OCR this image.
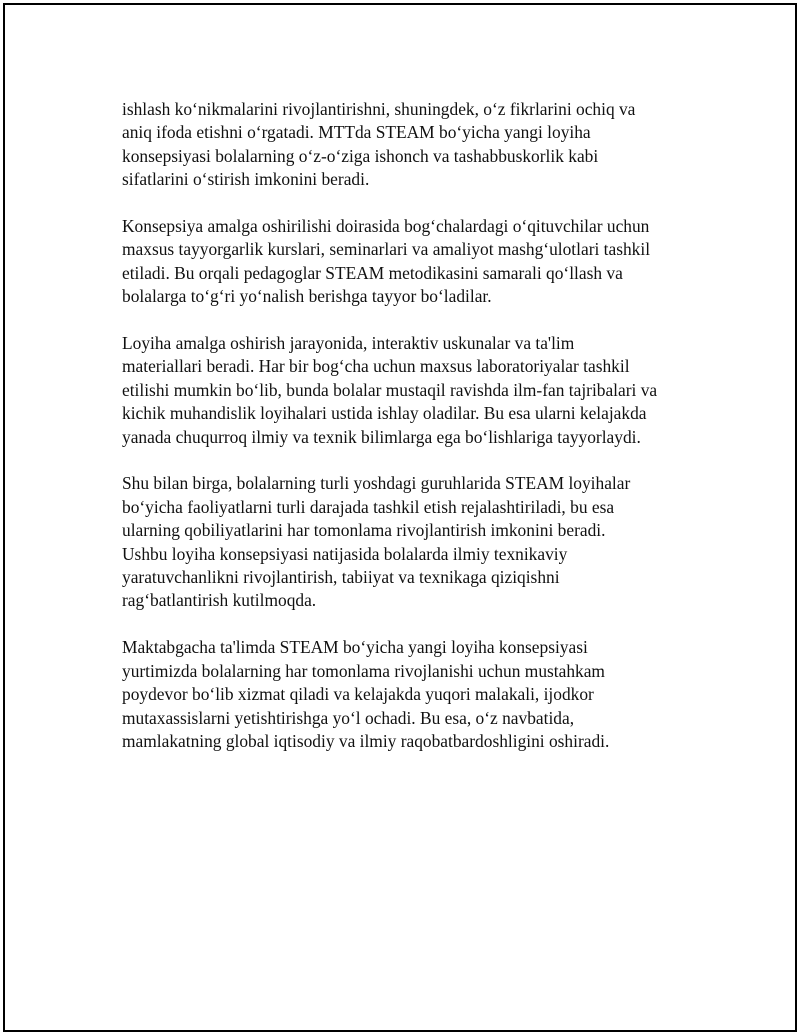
ishlash ko‘nikmalarini rivojlantirishni, shuningdek, o‘z fikrlarini ochiq va
aniq ifoda etishni o‘rgatadi. MTTda STEAM bo‘yicha yangi loyiha
konsepsiyasi bolalarning o‘z-o‘ziga ishonch va tashabbuskorlik kabi
sifatlarini o‘stirish imkonini beradi.

Konsepsiya amalga oshirilishi doirasida bog‘chalardagi o‘qituvchilar uchun
maxsus tayyorgarlik kurslari, seminarlari va amaliyot mashg‘ulotlari tashkil
etiladi. Bu orqali pedagoglar STEAM metodikasini samarali qo‘llash va
bolalarga to‘g‘ri yo‘nalish berishga tayyor bo‘ladilar.

Loyiha amalga oshirish jarayonida, interaktiv uskunalar va ta'lim
materiallari beradi. Har bir bog‘cha uchun maxsus laboratoriyalar tashkil
etilishi mumkin bo‘lib, bunda bolalar mustaqil ravishda ilm-fan tajribalari va
kichik muhandislik loyihalari ustida ishlay oladilar. Bu esa ularni kelajakda
yanada chuqurroq ilmiy va texnik bilimlarga ega bo‘lishlariga tayyorlaydi.

Shu bilan birga, bolalarning turli yoshdagi guruhlarida STEAM loyihalar
bo‘yicha faoliyatlarni turli darajada tashkil etish rejalashtiriladi, bu esa
ularning qobiliyatlarini har tomonlama rivojlantirish imkonini beradi.
Ushbu loyiha konsepsiyasi natijasida bolalarda ilmiy texnikaviy
yaratuvchanlikni rivojlantirish, tabiiyat va texnikaga qiziqishni
rag‘batlantirish kutilmoqda.

Maktabgacha ta'limda STEAM bo‘yicha yangi loyiha konsepsiyasi
yurtimizda bolalarning har tomonlama rivojlanishi uchun mustahkam
poydevor bo‘lib xizmat qiladi va kelajakda yuqori malakali, ijodkor
mutaxassislarni yetishtirishga yo‘l ochadi. Bu esa, o‘z navbatida,
mamlakatning global iqtisodiy va ilmiy raqobatbardoshligini oshiradi.
